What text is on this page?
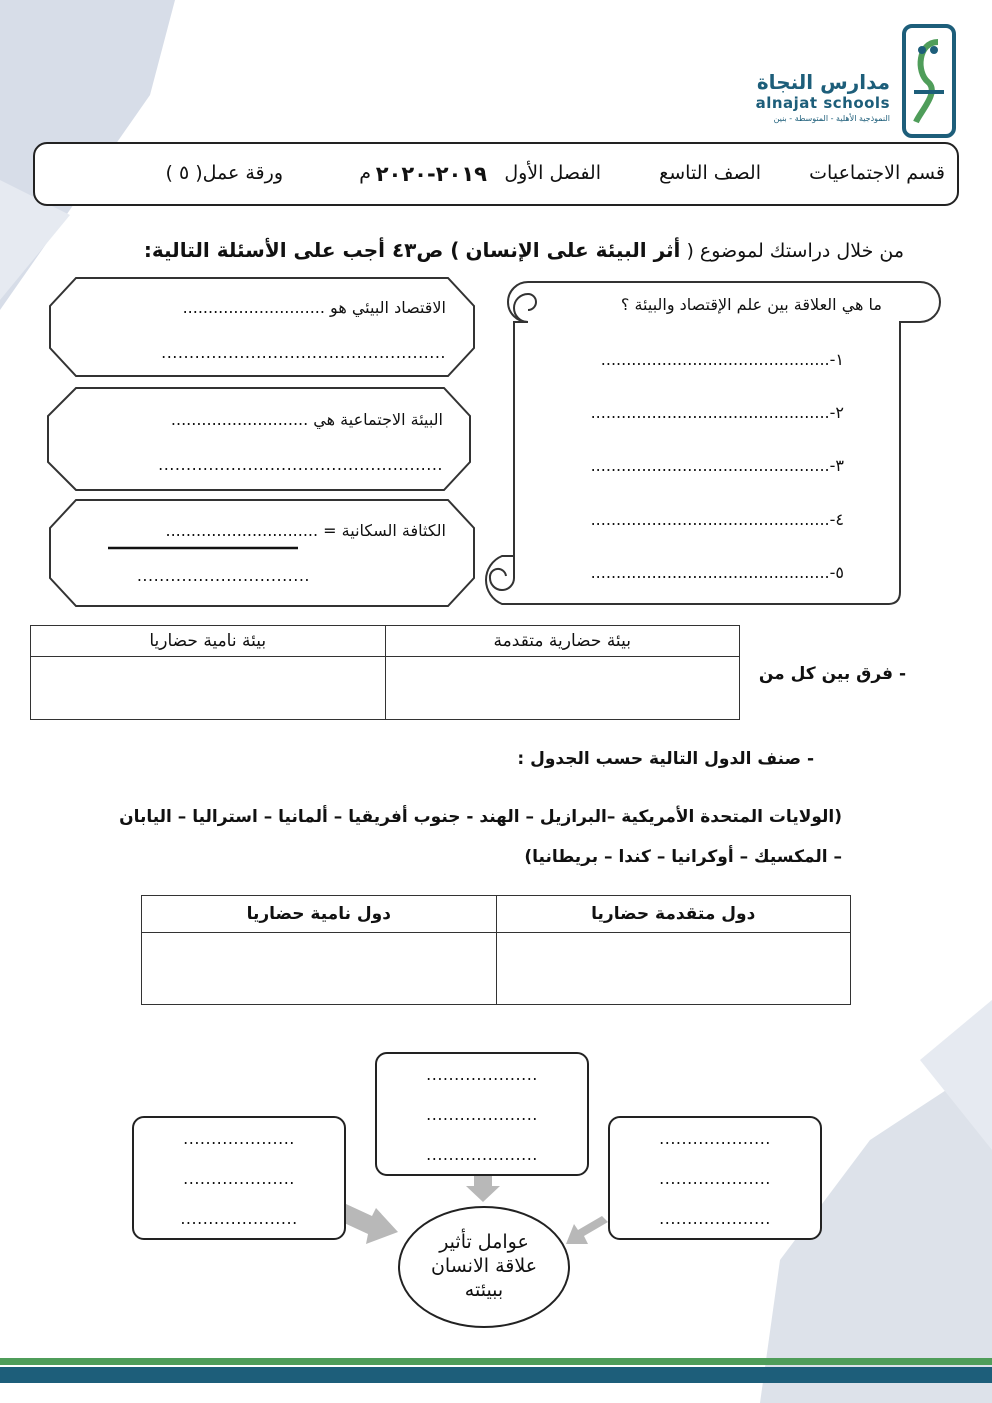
مدارس النجاة
alnajat schools
النموذجية الأهلية - المتوسطة - بنين
قسم الاجتماعيات
الصف التاسع
الفصل الأول
٢٠١٩-٢٠٢٠
م
ورقة عمل( ٥ )
من خلال دراستك لموضوع ( أثر البيئة على الإنسان ) ص٤٣ أجب على الأسئلة التالية:
ما هي العلاقة بين علم الإقتصاد والبيئة ؟
١-.............................................
٢-...............................................
٣-...............................................
٤-...............................................
٥-...............................................
الاقتصاد البيئي هو ............................
...................................................
البيئة الاجتماعية هي ...........................
...................................................
الكثافة السكانية = ..............................
...............................
بيئة حضارية متقدمة	بيئة نامية حضاريا

- فرق بين كل من
- صنف الدول التالية حسب الجدول :
(الولايات المتحدة الأمريكية –البرازيل – الهند - جنوب أفريقيا – ألمانيا – استراليا – اليابان
– المكسيك – أوكرانيا – كندا – بريطانيا)
دول متقدمة حضاريا	دول نامية حضاريا

....................
....................
....................
....................
....................
.....................
....................
....................
....................
عوامل تأثير
علاقة الانسان
ببيئته
